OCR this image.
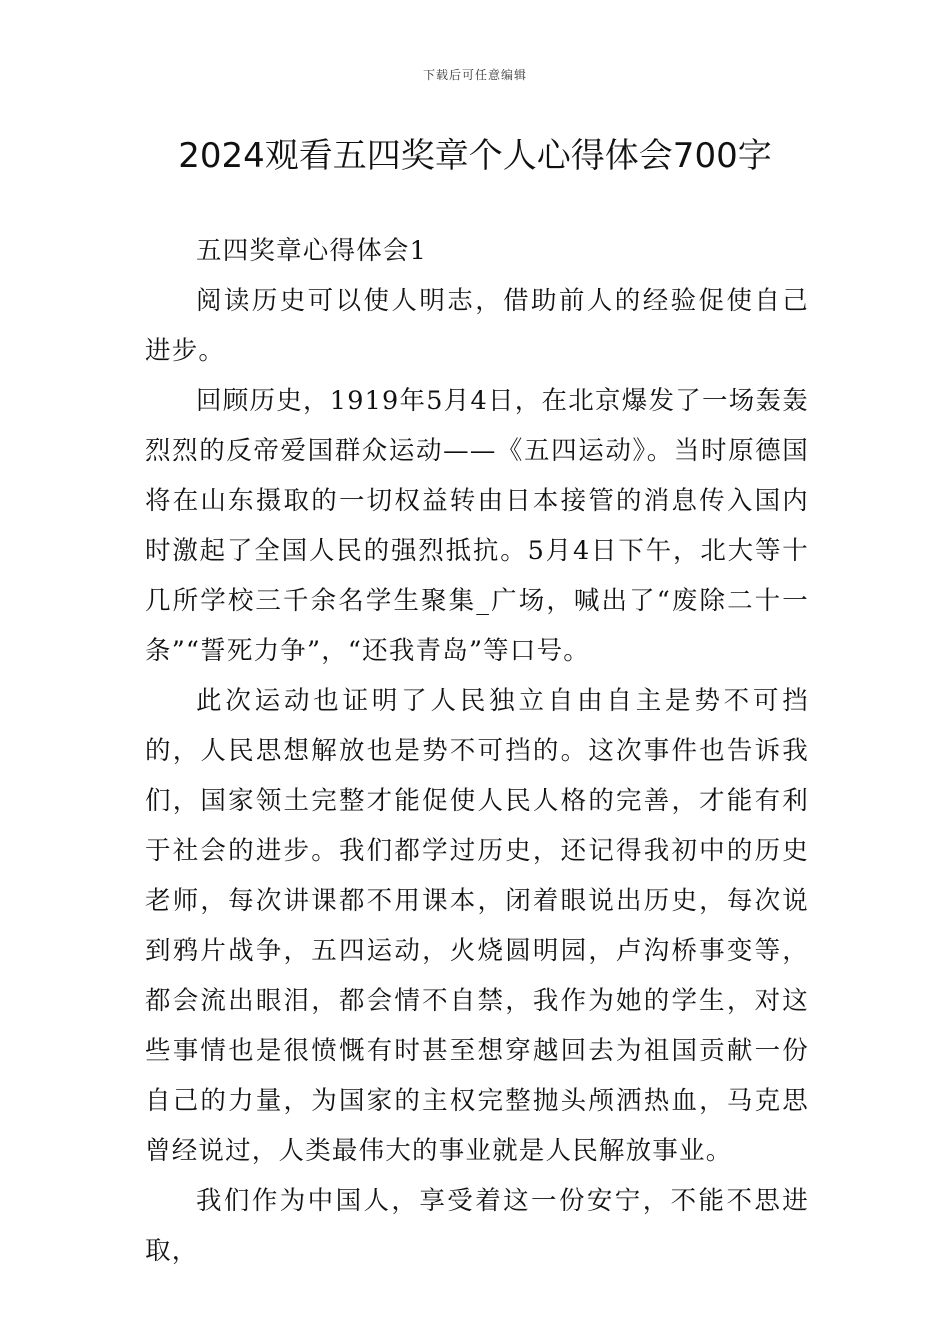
下载后可任意编辑
2024观看五四奖章个人心得体会700字

五四奖章心得体会1

阅读历史可以使人明志，借助前人的经验促使自己进步。

回顾历史，1919年5月4日，在北京爆发了一场轰轰烈烈的反帝爱国群众运动——《五四运动》。当时原德国将在山东摄取的一切权益转由日本接管的消息传入国内时激起了全国人民的强烈抵抗。5月4日下午，北大等十几所学校三千余名学生聚集_广场，喊出了“废除二十一条”“誓死力争”，“还我青岛”等口号。

此次运动也证明了人民独立自由自主是势不可挡的，人民思想解放也是势不可挡的。这次事件也告诉我们，国家领土完整才能促使人民人格的完善，才能有利于社会的进步。我们都学过历史，还记得我初中的历史老师，每次讲课都不用课本，闭着眼说出历史，每次说到鸦片战争，五四运动，火烧圆明园，卢沟桥事变等，都会流出眼泪，都会情不自禁，我作为她的学生，对这些事情也是很愤慨有时甚至想穿越回去为祖国贡献一份自己的力量，为国家的主权完整抛头颅洒热血，马克思曾经说过，人类最伟大的事业就是人民解放事业。

我们作为中国人，享受着这一份安宁，不能不思进取，
